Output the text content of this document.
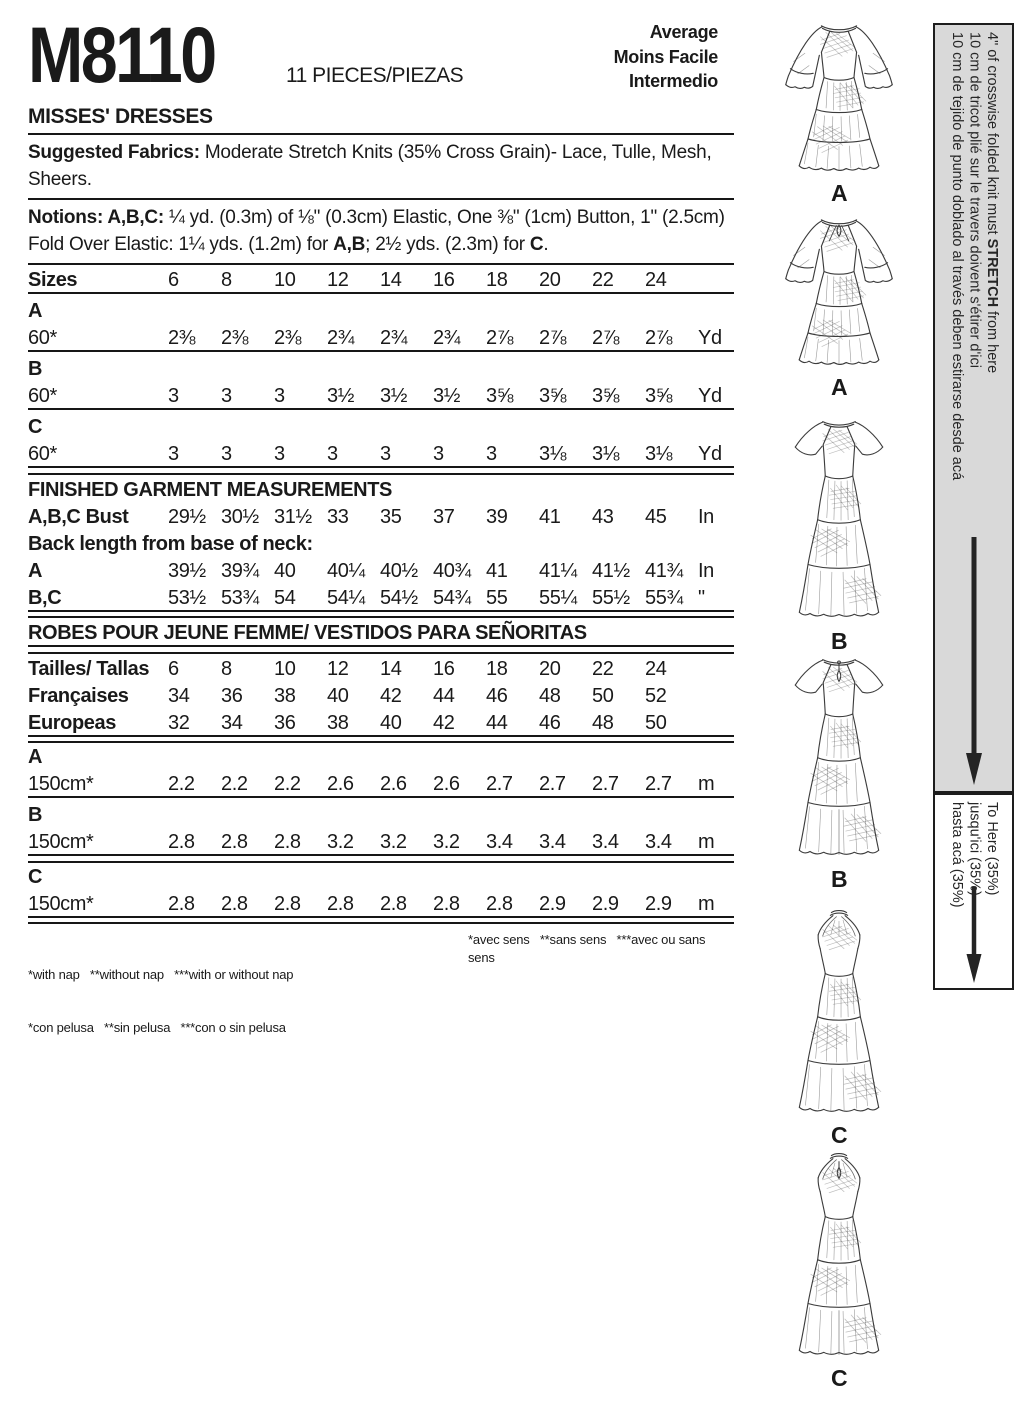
M8110	11 PIECES/PIEZAS
Average
Moins Facile
Intermedio
MISSES' DRESSES
Suggested Fabrics: Moderate Stretch Knits (35% Cross Grain)- Lace, Tulle, Mesh, Sheers.
Notions: A,B,C: ¼ yd. (0.3m) of ⅛" (0.3cm) Elastic, One ⅜" (1cm) Button, 1" (2.5cm) Fold Over Elastic: 1¼ yds. (1.2m) for A,B; 2½ yds. (2.3m) for C.
Sizes	6	8	10	12	14	16	18	20	22	24
A
60*	2⅜	2⅜	2⅜	2¾	2¾	2¾	2⅞	2⅞	2⅞	2⅞	Yd
B
60*	3	3	3	3½	3½	3½	3⅝	3⅝	3⅝	3⅝	Yd
C
60*	3	3	3	3	3	3	3	3⅛	3⅛	3⅛	Yd
FINISHED GARMENT MEASUREMENTS
A,B,C Bust	29½ 30½ 31½ 33	35	37	39	41	43	45	In
Back length from base of neck:
A	39½ 39¾ 40	40¼ 40½ 40¾ 41	41¼ 41½ 41¾ In
B,C	53½ 53¾ 54	54¼ 54½ 54¾ 55	55¼ 55½ 55¾ "
ROBES POUR JEUNE FEMME/ VESTIDOS PARA SEÑORITAS
Tailles/ Tallas 6	8	10	12	14	16	18	20	22	24
Françaises	34	36	38	40	42	44	46	48	50	52
Europeas	32	34	36	38	40	42	44	46	48	50
A
150cm*	2.2	2.2	2.2	2.6	2.6	2.6	2.7	2.7	2.7	2.7	m
B
150cm*	2.8	2.8	2.8	3.2	3.2	3.2	3.4	3.4	3.4	3.4	m
C
150cm*	2.8	2.8	2.8	2.8	2.8	2.8	2.8	2.9	2.9	2.9	m

*with nap   **without nap   ***with or without nap

*con pelusa   **sin pelusa   ***con o sin pelusa

*avec sens   **sans sens   ***avec ou sans sens
A
A
B
B
C
C
4" of crosswise folded knit must STRETCH from here
10 cm de tricot plié sur le travers doivent s'étirer d'ici
10 cm de tejido de punto doblado al través deben estirarse desde acá
To Here (35%)
jusqu'ici (35%)
hasta acá (35%)
